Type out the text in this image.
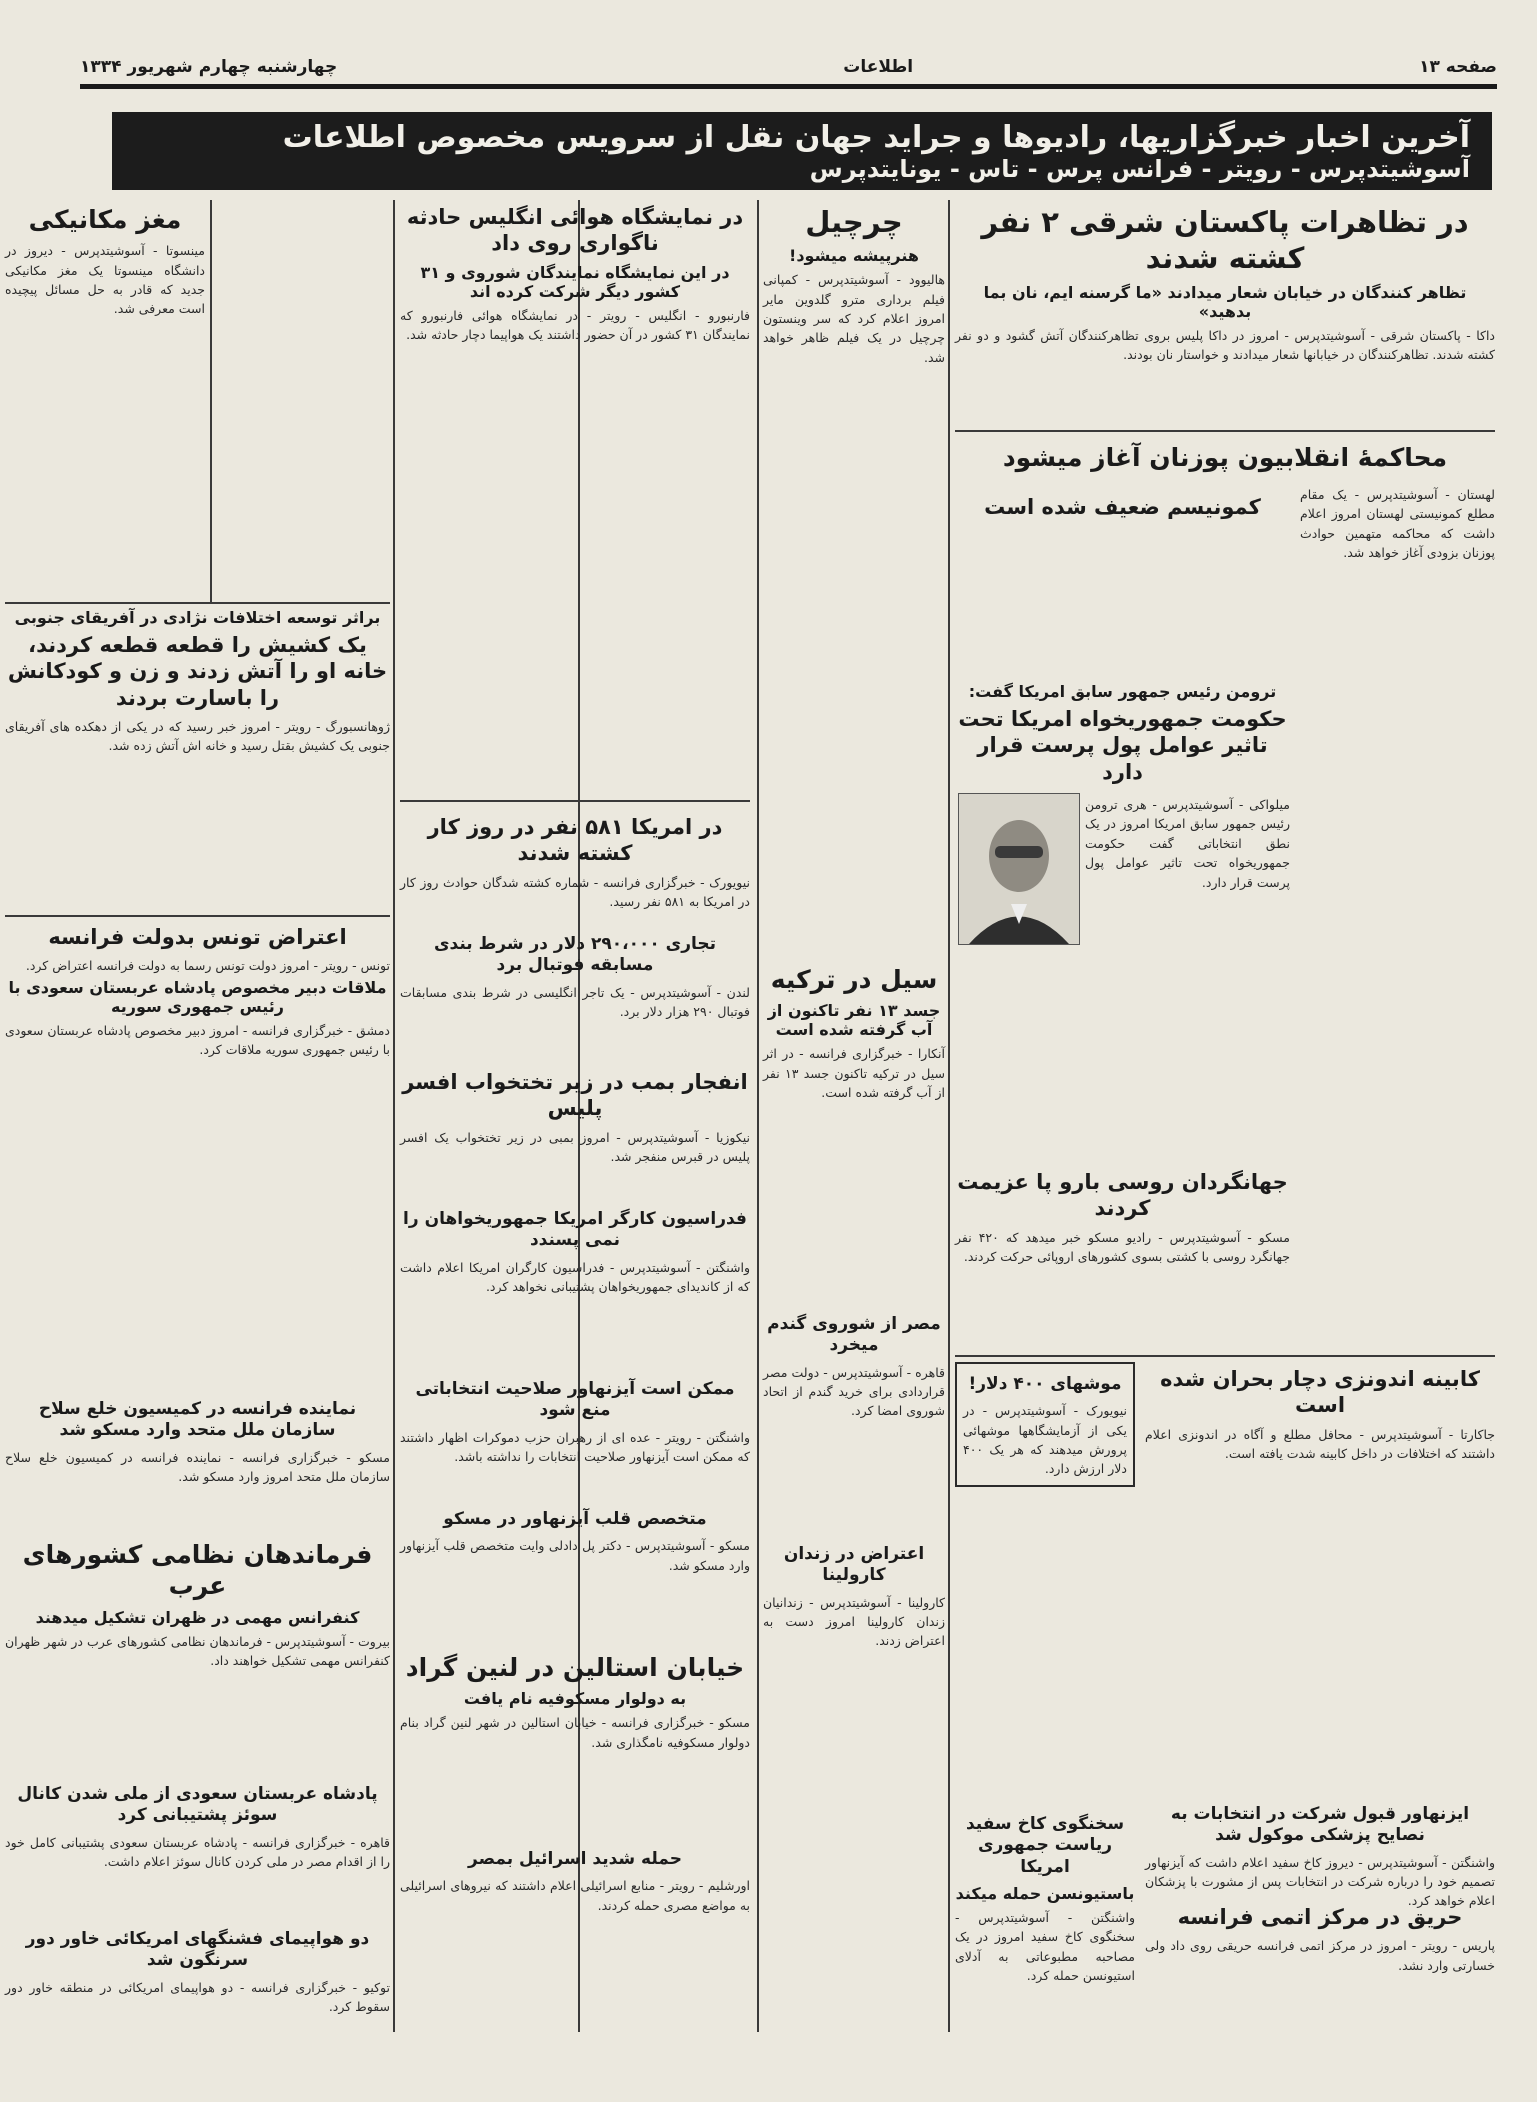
صفحه ۱۳
اطلاعات
چهارشنبه چهارم شهریور ۱۳۳۴
آخرین اخبار خبرگزاریها، رادیوها و جراید جهان نقل از سرویس مخصوص اطلاعات
آسوشیتدپرس - رویتر - فرانس پرس - تاس - یونایتدپرس
در تظاهرات پاکستان شرقی ۲ نفر کشته شدند
تظاهر کنندگان در خیابان شعار میدادند «ما گرسنه ایم، نان بما بدهید»
داکا - پاکستان شرقی - آسوشیتدپرس - امروز در داکا پلیس بروی تظاهرکنندگان آتش گشود و دو نفر کشته شدند. تظاهرکنندگان در خیابانها شعار میدادند و خواستار نان بودند.
محاکمهٔ انقلابیون پوزنان آغاز میشود
لهستان - آسوشیتدپرس - یک مقام مطلع کمونیستی لهستان امروز اعلام داشت که محاکمه متهمین حوادث پوزنان بزودی آغاز خواهد شد.
کمونیسم ضعیف شده است
ترومن رئیس جمهور سابق امریکا گفت:
حکومت جمهوریخواه امریکا تحت تاثیر عوامل پول پرست قرار دارد
میلواکی - آسوشیتدپرس - هری ترومن رئیس جمهور سابق امریکا امروز در یک نطق انتخاباتی گفت حکومت جمهوریخواه تحت تاثیر عوامل پول پرست قرار دارد.
جهانگردان روسی بارو پا عزیمت کردند
مسکو - آسوشیتدپرس - رادیو مسکو خبر میدهد که ۴۲۰ نفر جهانگرد روسی با کشتی بسوی کشورهای اروپائی حرکت کردند.
کابینه اندونزی دچار بحران شده است
جاکارتا - آسوشیتدپرس - محافل مطلع و آگاه در اندونزی اعلام داشتند که اختلافات در داخل کابینه شدت یافته است.
موشهای ۴۰۰ دلار!
نیویورک - آسوشیتدپرس - در یکی از آزمایشگاهها موشهائی پرورش میدهند که هر یک ۴۰۰ دلار ارزش دارد.
ایزنهاور قبول شرکت در انتخابات به نصایح پزشکی موکول شد
واشنگتن - آسوشیتدپرس - دیروز کاخ سفید اعلام داشت که آیزنهاور تصمیم خود را درباره شرکت در انتخابات پس از مشورت با پزشکان اعلام خواهد کرد.
حریق در مرکز اتمی فرانسه
پاریس - رویتر - امروز در مرکز اتمی فرانسه حریقی روی داد ولی خسارتی وارد نشد.
سخنگوی کاخ سفید ریاست جمهوری امریکا
باستیونسن حمله میکند
واشنگتن - آسوشیتدپرس - سخنگوی کاخ سفید امروز در یک مصاحبه مطبوعاتی به آدلای استیونسن حمله کرد.
چرچیل
هنرپیشه میشود!
هالیوود - آسوشیتدپرس - کمپانی فیلم برداری مترو گلدوین مایر امروز اعلام کرد که سر وینستون چرچیل در یک فیلم ظاهر خواهد شد.
سیل در ترکیه
جسد ۱۳ نفر تاکنون از آب گرفته شده است
آنکارا - خبرگزاری فرانسه - در اثر سیل در ترکیه تاکنون جسد ۱۳ نفر از آب گرفته شده است.
مصر از شوروی گندم میخرد
قاهره - آسوشیتدپرس - دولت مصر قراردادی برای خرید گندم از اتحاد شوروی امضا کرد.
اعتراض در زندان کارولینا
کارولینا - آسوشیتدپرس - زندانیان زندان کارولینا امروز دست به اعتراض زدند.
در نمایشگاه هوائی انگلیس حادثه ناگواری روی داد
در این نمایشگاه نمایندگان شوروی و ۳۱ کشور دیگر شرکت کرده اند
فارنبورو - انگلیس - رویتر - در نمایشگاه هوائی فارنبورو که نمایندگان ۳۱ کشور در آن حضور داشتند یک هواپیما دچار حادثه شد.
در امریکا ۵۸۱ نفر در روز کار کشته شدند
نیویورک - خبرگزاری فرانسه - شماره کشته شدگان حوادث روز کار در امریکا به ۵۸۱ نفر رسید.
تجاری ۲۹۰،۰۰۰ دلار در شرط بندی مسابقه فوتبال برد
لندن - آسوشیتدپرس - یک تاجر انگلیسی در شرط بندی مسابقات فوتبال ۲۹۰ هزار دلار برد.
انفجار بمب در زیر تختخواب افسر پلیس
نیکوزیا - آسوشیتدپرس - امروز بمبی در زیر تختخواب یک افسر پلیس در قبرس منفجر شد.
فدراسیون کارگر امریکا جمهوریخواهان را نمی پسندد
واشنگتن - آسوشیتدپرس - فدراسیون کارگران امریکا اعلام داشت که از کاندیدای جمهوریخواهان پشتیبانی نخواهد کرد.
ممکن است آیزنهاور صلاحیت انتخاباتی منع شود
واشنگتن - رویتر - عده ای از رهبران حزب دموکرات اظهار داشتند که ممکن است آیزنهاور صلاحیت انتخابات را نداشته باشد.
متخصص قلب آیزنهاور در مسکو
مسکو - آسوشیتدپرس - دکتر پل دادلی وایت متخصص قلب آیزنهاور وارد مسکو شد.
خیابان استالین در لنین گراد
به دولوار مسکوفیه نام یافت
مسکو - خبرگزاری فرانسه - خیابان استالین در شهر لنین گراد بنام دولوار مسکوفیه نامگذاری شد.
حمله شدید اسرائیل بمصر
اورشلیم - رویتر - منابع اسرائیلی اعلام داشتند که نیروهای اسرائیلی به مواضع مصری حمله کردند.
مغز مکانیکی
مینسوتا - آسوشیتدپرس - دیروز در دانشگاه مینسوتا یک مغز مکانیکی جدید که قادر به حل مسائل پیچیده است معرفی شد.
براثر توسعه اختلافات نژادی در آفریقای جنوبی
یک کشیش را قطعه قطعه کردند، خانه او را آتش زدند و زن و کودکانش را باسارت بردند
ژوهانسبورگ - رویتر - امروز خبر رسید که در یکی از دهکده های آفریقای جنوبی یک کشیش بقتل رسید و خانه اش آتش زده شد.
اعتراض تونس بدولت فرانسه
تونس - رویتر - امروز دولت تونس رسما به دولت فرانسه اعتراض کرد.
ملاقات دبیر مخصوص پادشاه عربستان سعودی با رئیس جمهوری سوریه
دمشق - خبرگزاری فرانسه - امروز دبیر مخصوص پادشاه عربستان سعودی با رئیس جمهوری سوریه ملاقات کرد.
نماینده فرانسه در کمیسیون خلع سلاح سازمان ملل متحد وارد مسکو شد
مسکو - خبرگزاری فرانسه - نماینده فرانسه در کمیسیون خلع سلاح سازمان ملل متحد امروز وارد مسکو شد.
فرماندهان نظامی کشورهای عرب
کنفرانس مهمی در ظهران تشکیل میدهند
بیروت - آسوشیتدپرس - فرماندهان نظامی کشورهای عرب در شهر ظهران کنفرانس مهمی تشکیل خواهند داد.
پادشاه عربستان سعودی از ملی شدن کانال سوئز پشتیبانی کرد
قاهره - خبرگزاری فرانسه - پادشاه عربستان سعودی پشتیبانی کامل خود را از اقدام مصر در ملی کردن کانال سوئز اعلام داشت.
دو هواپیمای فشنگهای امریکائی خاور دور سرنگون شد
توکیو - خبرگزاری فرانسه - دو هواپیمای امریکائی در منطقه خاور دور سقوط کرد.
